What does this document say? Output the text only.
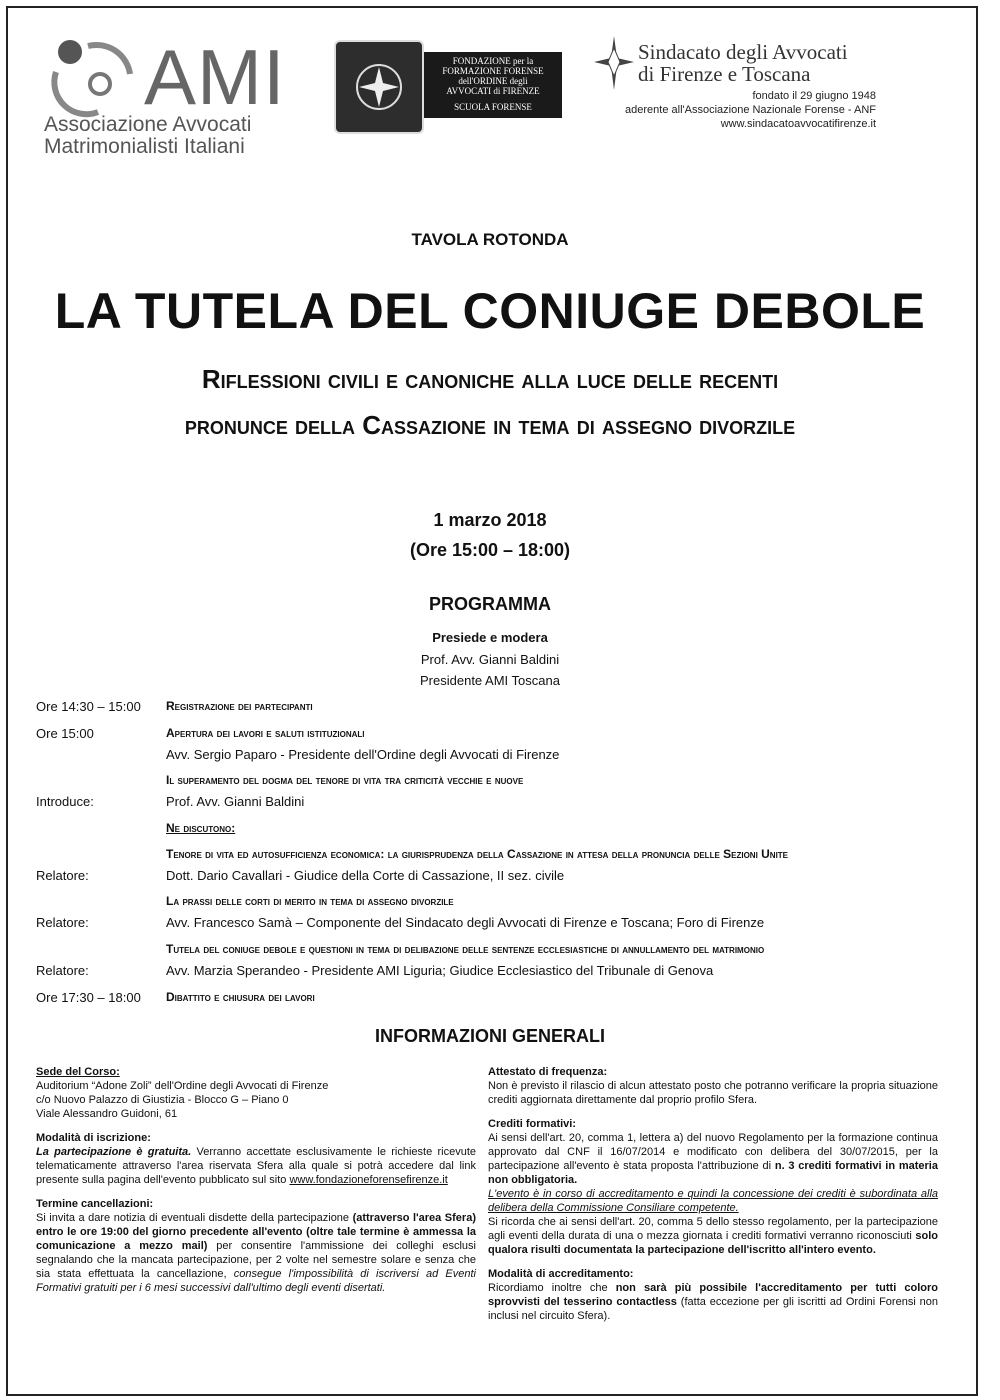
AMI
Associazione Avvocati
Matrimonialisti Italiani
FONDAZIONE per la
FORMAZIONE FORENSE
dell'ORDINE degli
AVVOCATI di FIRENZE
SCUOLA FORENSE
Sindacato degli Avvocati
di Firenze e Toscana
fondato il 29 giugno 1948
aderente all'Associazione Nazionale Forense - ANF
www.sindacatoavvocatifirenze.it
TAVOLA ROTONDA
LA TUTELA DEL CONIUGE DEBOLE
Riflessioni civili e canoniche alla luce delle recenti
pronunce della Cassazione in tema di assegno divorzile
1 marzo 2018
(Ore 15:00 – 18:00)
PROGRAMMA
Presiede e modera
Prof. Avv. Gianni Baldini
Presidente AMI Toscana
Ore 14:30 – 15:00 Registrazione dei partecipanti
Ore 15:00	Apertura dei lavori e saluti istituzionali
Avv. Sergio Paparo - Presidente dell'Ordine degli Avvocati di Firenze
Il superamento del dogma del tenore di vita tra criticità vecchie e nuove
Introduce:	Prof. Avv. Gianni Baldini
Ne discutono:
Tenore di vita ed autosufficienza economica: la giurisprudenza della Cassazione in attesa della pronuncia delle Sezioni Unite
Relatore:	Dott. Dario Cavallari - Giudice della Corte di Cassazione, II sez. civile
La prassi delle corti di merito in tema di assegno divorzile
Relatore:	Avv. Francesco Samà – Componente del Sindacato degli Avvocati di Firenze e Toscana; Foro di Firenze
Tutela del coniuge debole e questioni in tema di delibazione delle sentenze ecclesiastiche di annullamento del matrimonio
Relatore:	Avv. Marzia Sperandeo - Presidente AMI Liguria; Giudice Ecclesiastico del Tribunale di Genova
Ore 17:30 – 18:00 Dibattito e chiusura dei lavori
INFORMAZIONI GENERALI

Sede del Corso:
Auditorium “Adone Zoli” dell'Ordine degli Avvocati di Firenze
c/o Nuovo Palazzo di Giustizia - Blocco G – Piano 0
Viale Alessandro Guidoni, 61

Modalità di iscrizione:
La partecipazione è gratuita. Verranno accettate esclusivamente le richieste ricevute telematicamente attraverso l'area riservata Sfera alla quale si potrà accedere dal link presente sulla pagina dell'evento pubblicato sul sito www.fondazioneforensefirenze.it

Termine cancellazioni:
Si invita a dare notizia di eventuali disdette della partecipazione (attraverso l'area Sfera) entro le ore 19:00 del giorno precedente all'evento (oltre tale termine è ammessa la comunicazione a mezzo mail) per consentire l'ammissione dei colleghi esclusi segnalando che la mancata partecipazione, per 2 volte nel semestre solare e senza che sia stata effettuata la cancellazione, consegue l'impossibilità di iscriversi ad Eventi Formativi gratuiti per i 6 mesi successivi dall'ultimo degli eventi disertati.

Attestato di frequenza:
Non è previsto il rilascio di alcun attestato posto che potranno verificare la propria situazione crediti aggiornata direttamente dal proprio profilo Sfera.

Crediti formativi:
Ai sensi dell'art. 20, comma 1, lettera a) del nuovo Regolamento per la formazione continua approvato dal CNF il 16/07/2014 e modificato con delibera del 30/07/2015, per la partecipazione all'evento è stata proposta l'attribuzione di n. 3 crediti formativi in materia non obbligatoria.
L'evento è in corso di accreditamento e quindi la concessione dei crediti è subordinata alla delibera della Commissione Consiliare competente.
Si ricorda che ai sensi dell'art. 20, comma 5 dello stesso regolamento, per la partecipazione agli eventi della durata di una o mezza giornata i crediti formativi verranno riconosciuti solo qualora risulti documentata la partecipazione dell'iscritto all'intero evento.

Modalità di accreditamento:
Ricordiamo inoltre che non sarà più possibile l'accreditamento per tutti coloro sprovvisti del tesserino contactless (fatta eccezione per gli iscritti ad Ordini Forensi non inclusi nel circuito Sfera).
